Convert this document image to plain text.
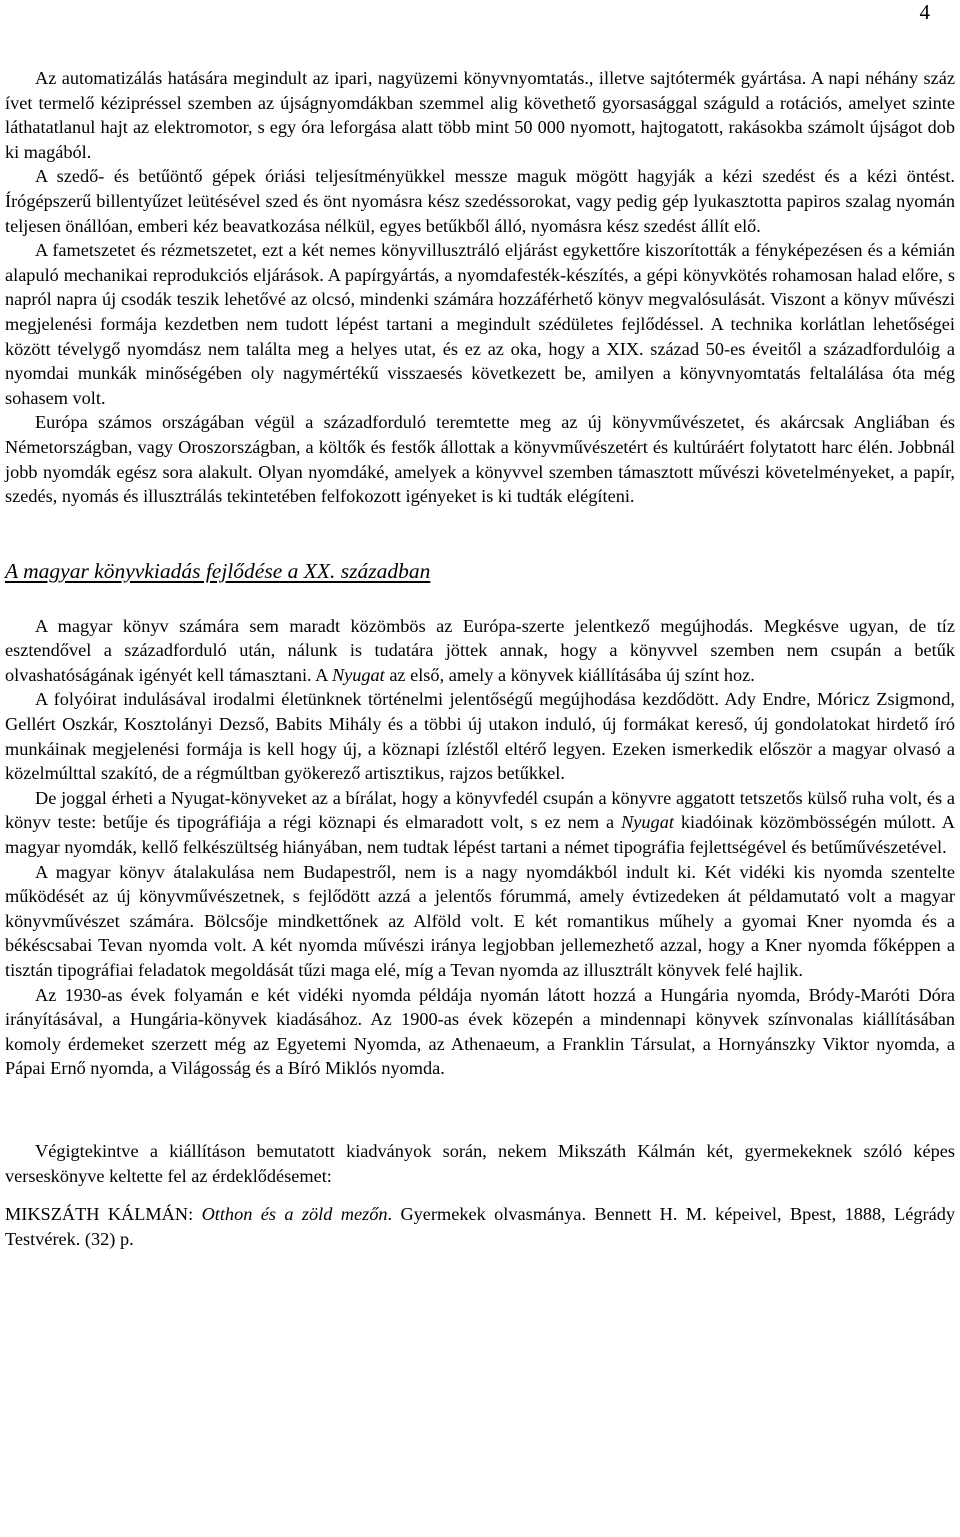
4

Az automatizálás hatására megindult az ipari, nagyüzemi könyvnyomtatás., illetve sajtótermék gyártása. A napi néhány száz ívet termelő kézipréssel szemben az újságnyomdákban szemmel alig követhető gyorsasággal száguld a rotációs, amelyet szinte láthatatlanul hajt az elektromotor, s egy óra leforgása alatt több mint 50 000 nyomott, hajtogatott, rakásokba számolt újságot dob ki magából.

A szedő- és betűöntő gépek óriási teljesítményükkel messze maguk mögött hagyják a kézi szedést és a kézi öntést. Írógépszerű billentyűzet leütésével szed és önt nyomásra kész szedéssorokat, vagy pedig gép lyukasztotta papiros szalag nyomán teljesen önállóan, emberi kéz beavatkozása nélkül, egyes betűkből álló, nyomásra kész szedést állít elő.

A fametszetet és rézmetszetet, ezt a két nemes könyvillusztráló eljárást egykettőre kiszorították a fényképezésen és a kémián alapuló mechanikai reprodukciós eljárások. A papírgyártás, a nyomdafesték-készítés, a gépi könyvkötés rohamosan halad előre, s napról napra új csodák teszik lehetővé az olcsó, mindenki számára hozzáférhető könyv megvalósulását. Viszont a könyv művészi megjelenési formája kezdetben nem tudott lépést tartani a megindult szédületes fejlődéssel. A technika korlátlan lehetőségei között tévelygő nyomdász nem találta meg a helyes utat, és ez az oka, hogy a XIX. század 50-es éveitől a századfordulóig a nyomdai munkák minőségében oly nagymértékű visszaesés következett be, amilyen a könyvnyomtatás feltalálása óta még sohasem volt.

Európa számos országában végül a századforduló teremtette meg az új könyvművészetet, és akárcsak Angliában és Németországban, vagy Oroszországban, a költők és festők állottak a könyvművészetért és kultúráért folytatott harc élén. Jobbnál jobb nyomdák egész sora alakult. Olyan nyomdáké, amelyek a könyvvel szemben támasztott művészi követelményeket, a papír, szedés, nyomás és illusztrálás tekintetében felfokozott igényeket is ki tudták elégíteni.

A magyar könyvkiadás fejlődése a XX. században

A magyar könyv számára sem maradt közömbös az Európa-szerte jelentkező megújhodás. Megkésve ugyan, de tíz esztendővel a századforduló után, nálunk is tudatára jöttek annak, hogy a könyvvel szemben nem csupán a betűk olvashatóságának igényét kell támasztani. A Nyugat az első, amely a könyvek kiállításába új színt hoz.

A folyóirat indulásával irodalmi életünknek történelmi jelentőségű megújhodása kezdődött. Ady Endre, Móricz Zsigmond, Gellért Oszkár, Kosztolányi Dezső, Babits Mihály és a többi új utakon induló, új formákat kereső, új gondolatokat hirdető író munkáinak megjelenési formája is kell hogy új, a köznapi ízléstől eltérő legyen. Ezeken ismerkedik először a magyar olvasó a közelmúlttal szakító, de a régmúltban gyökerező artisztikus, rajzos betűkkel.

De joggal érheti a Nyugat-könyveket az a bírálat, hogy a könyvfedél csupán a könyvre aggatott tetszetős külső ruha volt, és a könyv teste: betűje és tipográfiája a régi köznapi és elmaradott volt, s ez nem a Nyugat kiadóinak közömbösségén múlott. A magyar nyomdák, kellő felkészültség hiányában, nem tudtak lépést tartani a német tipográfia fejlettségével és betűművészetével.

A magyar könyv átalakulása nem Budapestről, nem is a nagy nyomdákból indult ki. Két vidéki kis nyomda szentelte működését az új könyvművészetnek, s fejlődött azzá a jelentős fórummá, amely évtizedeken át példamutató volt a magyar könyvművészet számára. Bölcsője mindkettőnek az Alföld volt. E két romantikus műhely a gyomai Kner nyomda és a békéscsabai Tevan nyomda volt. A két nyomda művészi iránya legjobban jellemezhető azzal, hogy a Kner nyomda főképpen a tisztán tipográfiai feladatok megoldását tűzi maga elé, míg a Tevan nyomda az illusztrált könyvek felé hajlik.

Az 1930-as évek folyamán e két vidéki nyomda példája nyomán látott hozzá a Hungária nyomda, Bródy-Maróti Dóra irányításával, a Hungária-könyvek kiadásához. Az 1900-as évek közepén a mindennapi könyvek színvonalas kiállításában komoly érdemeket szerzett még az Egyetemi Nyomda, az Athenaeum, a Franklin Társulat, a Hornyánszky Viktor nyomda, a Pápai Ernő nyomda, a Világosság és a Bíró Miklós nyomda.

Végigtekintve a kiállításon bemutatott kiadványok során, nekem Mikszáth Kálmán két, gyermekeknek szóló képes verseskönyve keltette fel az érdeklődésemet:

MIKSZÁTH KÁLMÁN: Otthon és a zöld mezőn. Gyermekek olvasmánya. Bennett H. M. képeivel, Bpest, 1888, Légrády Testvérek. (32) p.
